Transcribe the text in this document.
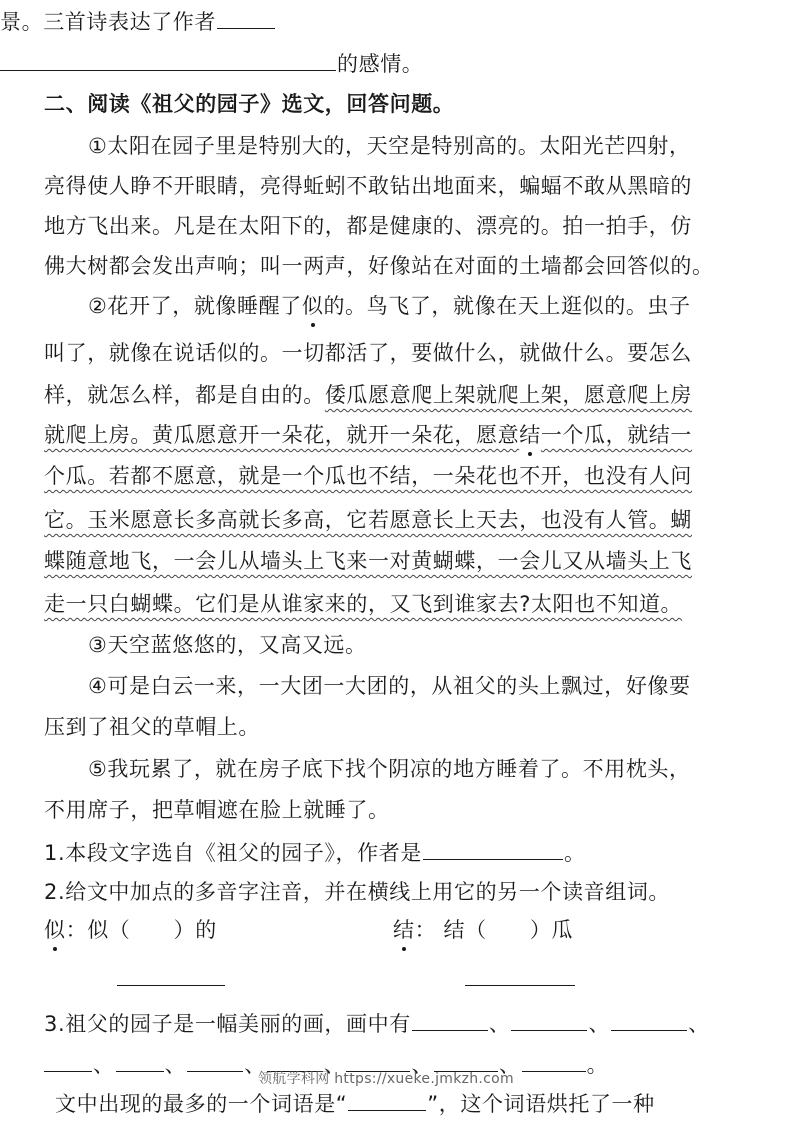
景。三首诗表达了作者
的感情。
二、阅读《祖父的园子》选文，回答问题。
①太阳在园子里是特别大的，天空是特别高的。太阳光芒四射，
亮得使人睁不开眼睛，亮得蚯蚓不敢钻出地面来，蝙蝠不敢从黑暗的
地方飞出来。凡是在太阳下的，都是健康的、漂亮的。拍一拍手，仿
佛大树都会发出声响；叫一两声，好像站在对面的土墙都会回答似的。
②花开了，就像睡醒了似的。鸟飞了，就像在天上逛似的。虫子
叫了，就像在说话似的。一切都活了，要做什么，就做什么。要怎么
样，就怎么样，都是自由的。倭瓜愿意爬上架就爬上架，愿意爬上房
就爬上房。黄瓜愿意开一朵花，就开一朵花，愿意结一个瓜，就结一
个瓜。若都不愿意，就是一个瓜也不结，一朵花也不开，也没有人问
它。玉米愿意长多高就长多高，它若愿意长上天去，也没有人管。蝴
蝶随意地飞，一会儿从墙头上飞来一对黄蝴蝶，一会儿又从墙头上飞
走一只白蝴蝶。它们是从谁家来的，又飞到谁家去?太阳也不知道。
③天空蓝悠悠的，又高又远。
④可是白云一来，一大团一大团的，从祖父的头上飘过，好像要
压到了祖父的草帽上。
⑤我玩累了，就在房子底下找个阴凉的地方睡着了。不用枕头，
不用席子，把草帽遮在脸上就睡了。
1.本段文字选自《祖父的园子》，作者是	。
2.给文中加点的多音字注音，并在横线上用它的另一个读音组词。
似：似（　　）的	结： 结（　　）瓜
3.祖父的园子是一幅美丽的画，画中有	、	、	、
、 、	、	、	、	、	。
文中出现的最多的一个词语是“	”，这个词语烘托了一种
领航学科网 https://xueke.jmkzh.com
